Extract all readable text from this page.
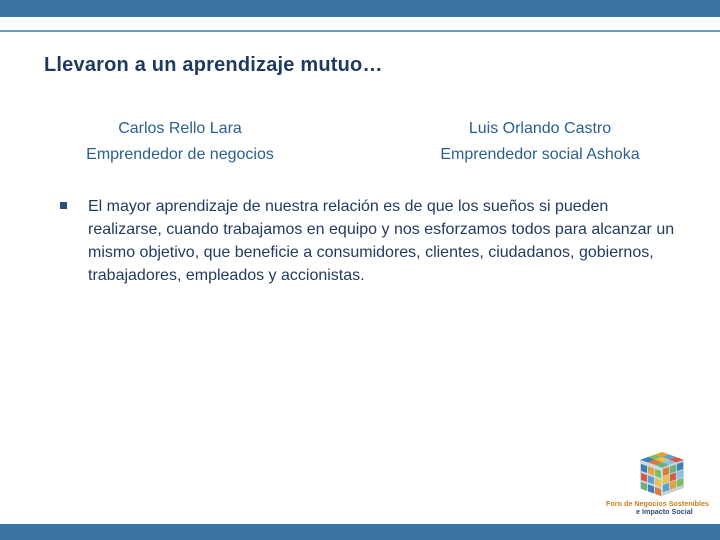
Llevaron a un aprendizaje mutuo…
Carlos Rello Lara
Emprendedor de negocios
Luis Orlando Castro
Emprendedor social Ashoka
El mayor aprendizaje de nuestra relación es de que los sueños si pueden realizarse, cuando trabajamos en equipo y nos esforzamos todos para alcanzar un mismo objetivo, que beneficie a consumidores, clientes, ciudadanos, gobiernos, trabajadores, empleados y accionistas.
Foro de Negocios Sostenibles
e Impacto Social
